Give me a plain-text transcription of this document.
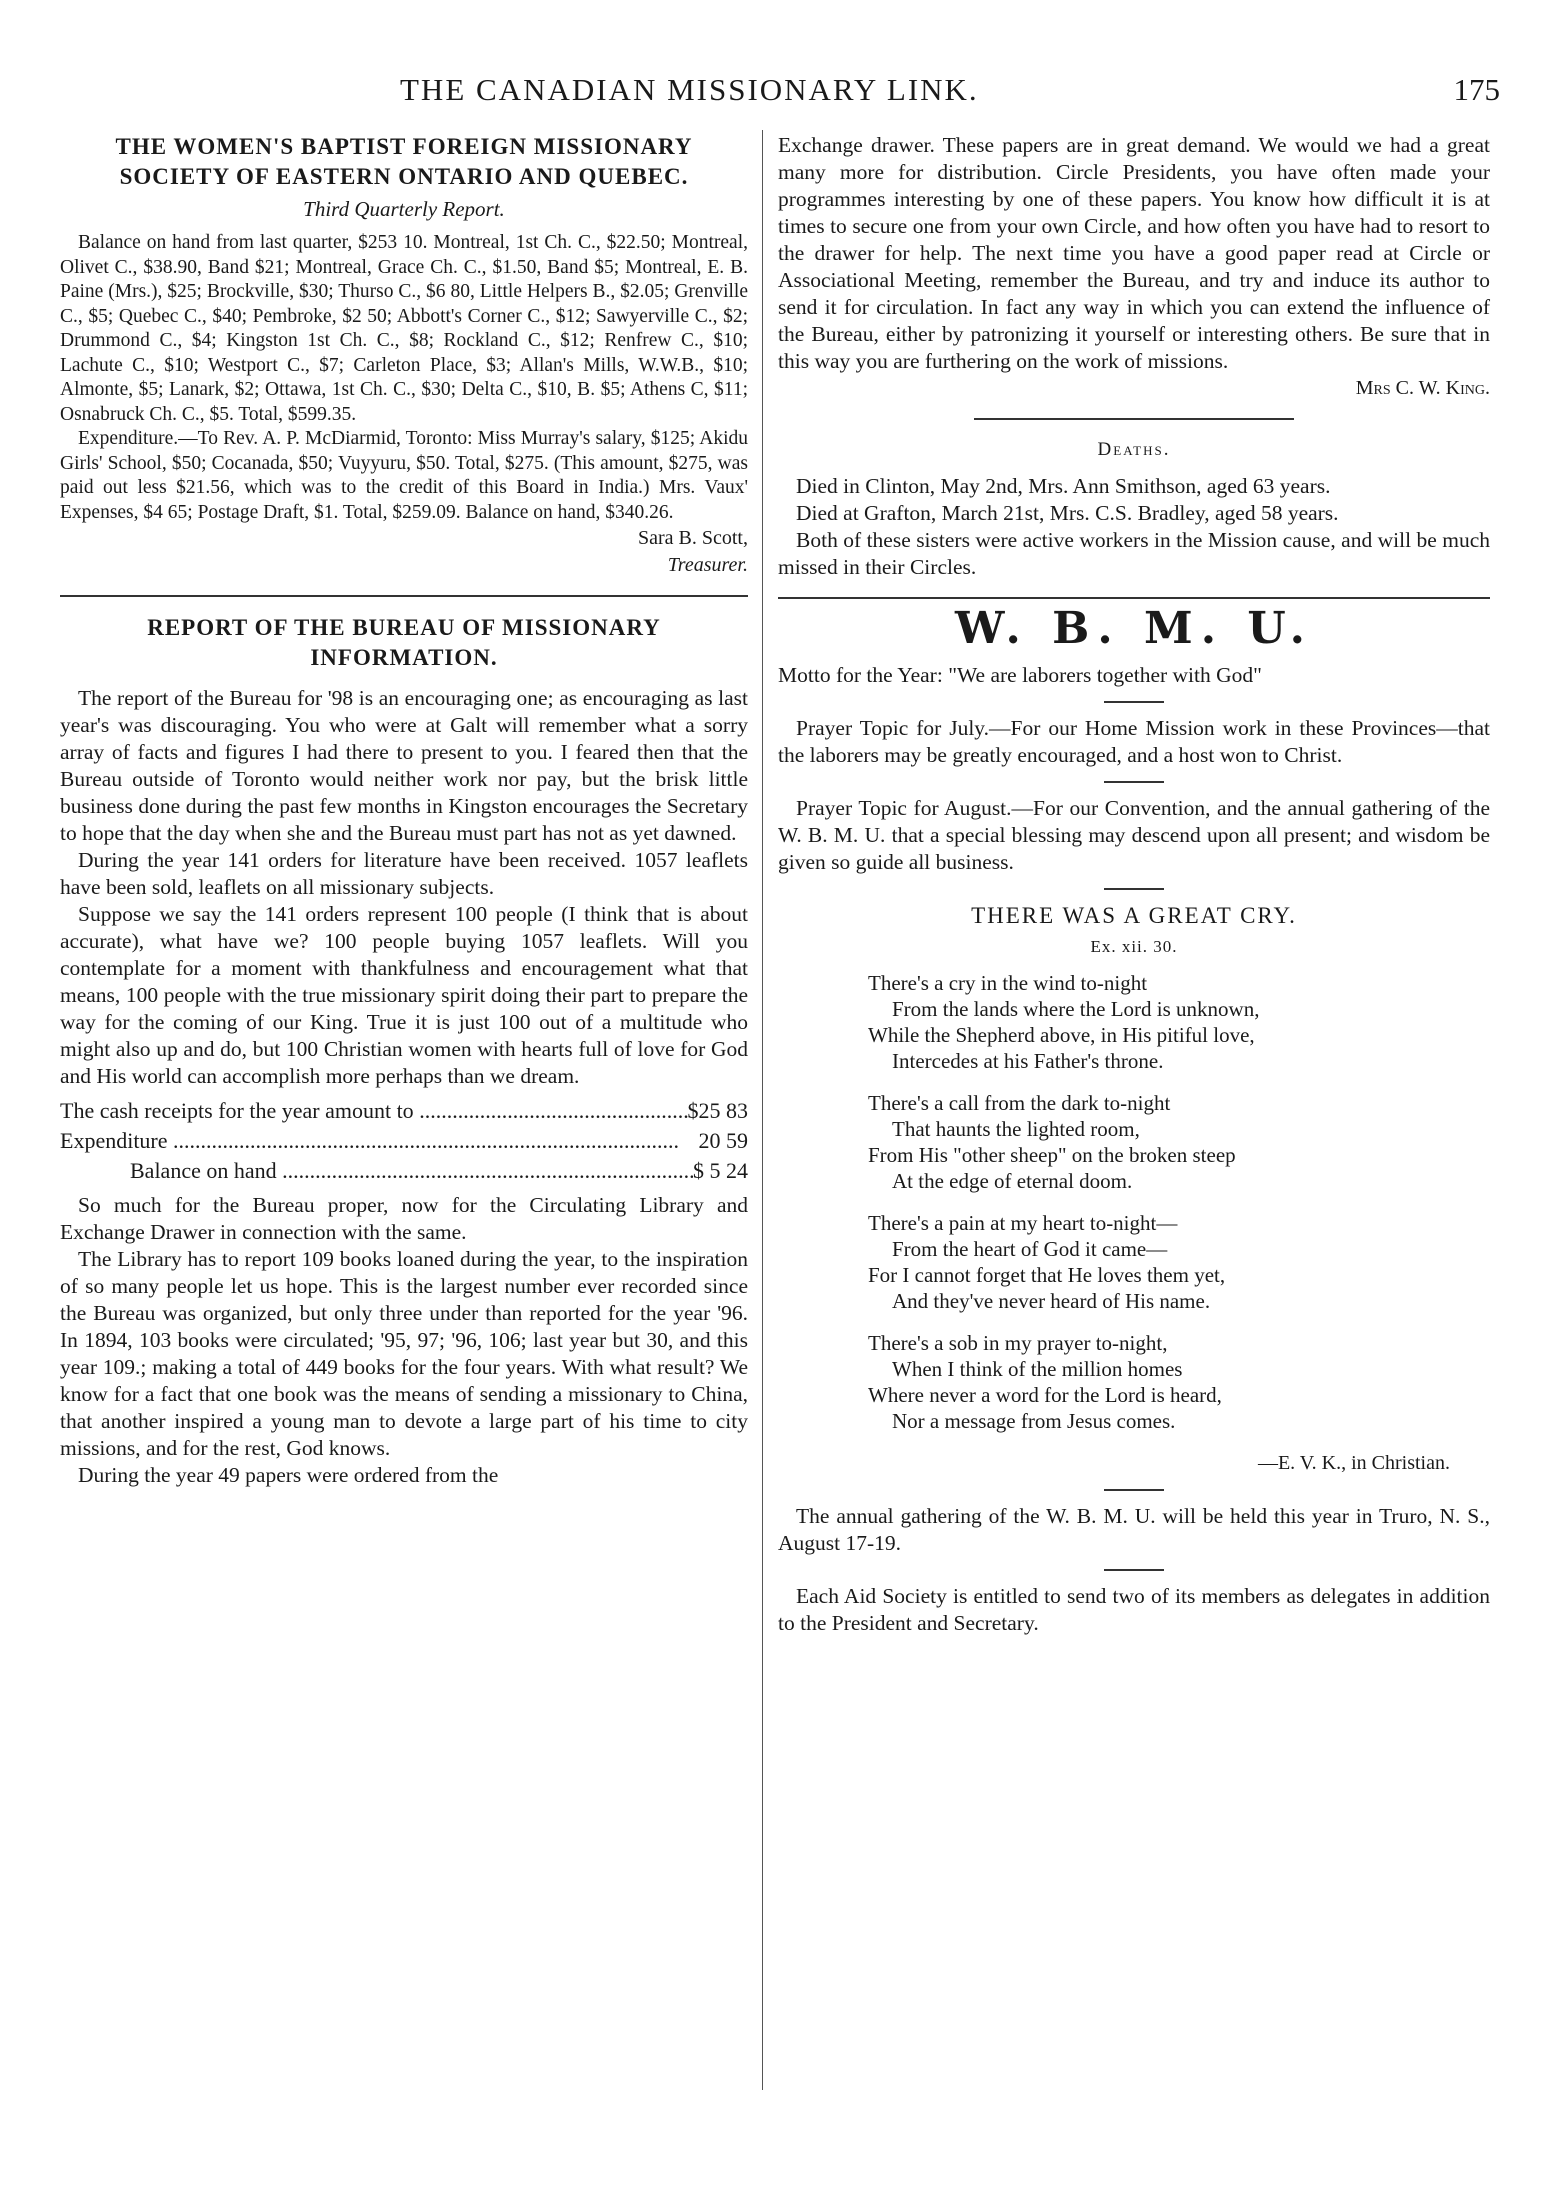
THE CANADIAN MISSIONARY LINK.	175

THE WOMEN'S BAPTIST FOREIGN MISSIONARY SOCIETY OF EASTERN ONTARIO AND QUEBEC.

Third Quarterly Report.

Balance on hand from last quarter, $253 10. Montreal, 1st Ch. C., $22.50; Montreal, Olivet C., $38.90, Band $21; Montreal, Grace Ch. C., $1.50, Band $5; Montreal, E. B. Paine (Mrs.), $25; Brockville, $30; Thurso C., $6 80, Little Helpers B., $2.05; Grenville C., $5; Quebec C., $40; Pembroke, $2 50; Abbott's Corner C., $12; Sawyerville C., $2; Drummond C., $4; Kingston 1st Ch. C., $8; Rockland C., $12; Renfrew C., $10; Lachute C., $10; Westport C., $7; Carleton Place, $3; Allan's Mills, W.W.B., $10; Almonte, $5; Lanark, $2; Ottawa, 1st Ch. C., $30; Delta C., $10, B. $5; Athens C, $11; Osnabruck Ch. C., $5. Total, $599.35.

Expenditure.—To Rev. A. P. McDiarmid, Toronto: Miss Murray's salary, $125; Akidu Girls' School, $50; Cocanada, $50; Vuyyuru, $50. Total, $275. (This amount, $275, was paid out less $21.56, which was to the credit of this Board in India.) Mrs. Vaux' Expenses, $4 65; Postage Draft, $1. Total, $259.09. Balance on hand, $340.26.

Sara B. Scott,

Treasurer.

REPORT OF THE BUREAU OF MISSIONARY INFORMATION.

The report of the Bureau for '98 is an encouraging one; as encouraging as last year's was discouraging. You who were at Galt will remember what a sorry array of facts and figures I had there to present to you. I feared then that the Bureau outside of Toronto would neither work nor pay, but the brisk little business done during the past few months in Kingston encourages the Secretary to hope that the day when she and the Bureau must part has not as yet dawned.

During the year 141 orders for literature have been received. 1057 leaflets have been sold, leaflets on all missionary subjects.

Suppose we say the 141 orders represent 100 people (I think that is about accurate), what have we? 100 people buying 1057 leaflets. Will you contemplate for a moment with thankfulness and encouragement what that means, 100 people with the true missionary spirit doing their part to prepare the way for the coming of our King. True it is just 100 out of a multitude who might also up and do, but 100 Christian women with hearts full of love for God and His world can accomplish more perhaps than we dream.

The cash receipts for the year amount to .....	$25 83
Expenditure .....	20 59
Balance on hand .....	$ 5 24

So much for the Bureau proper, now for the Circulating Library and Exchange Drawer in connection with the same.

The Library has to report 109 books loaned during the year, to the inspiration of so many people let us hope. This is the largest number ever recorded since the Bureau was organized, but only three under than reported for the year '96. In 1894, 103 books were circulated; '95, 97; '96, 106; last year but 30, and this year 109.; making a total of 449 books for the four years. With what result? We know for a fact that one book was the means of sending a missionary to China, that another inspired a young man to devote a large part of his time to city missions, and for the rest, God knows.

During the year 49 papers were ordered from the

Exchange drawer. These papers are in great demand. We would we had a great many more for distribution. Circle Presidents, you have often made your programmes interesting by one of these papers. You know how difficult it is at times to secure one from your own Circle, and how often you have had to resort to the drawer for help. The next time you have a good paper read at Circle or Associational Meeting, remember the Bureau, and try and induce its author to send it for circulation. In fact any way in which you can extend the influence of the Bureau, either by patronizing it yourself or interesting others. Be sure that in this way you are furthering on the work of missions.

Mrs C. W. King.

Deaths.

Died in Clinton, May 2nd, Mrs. Ann Smithson, aged 63 years.

Died at Grafton, March 21st, Mrs. C.S. Bradley, aged 58 years.

Both of these sisters were active workers in the Mission cause, and will be much missed in their Circles.

W. B. M. U.

Motto for the Year: "We are laborers together with God"

Prayer Topic for July.—For our Home Mission work in these Provinces—that the laborers may be greatly encouraged, and a host won to Christ.

Prayer Topic for August.—For our Convention, and the annual gathering of the W. B. M. U. that a special blessing may descend upon all present; and wisdom be given so guide all business.

THERE WAS A GREAT CRY.

Ex. xii. 30.

There's a cry in the wind to-night
From the lands where the Lord is unknown,
While the Shepherd above, in His pitiful love,
Intercedes at his Father's throne.
There's a call from the dark to-night
That haunts the lighted room,
From His "other sheep" on the broken steep
At the edge of eternal doom.
There's a pain at my heart to-night—
From the heart of God it came—
For I cannot forget that He loves them yet,
And they've never heard of His name.
There's a sob in my prayer to-night,
When I think of the million homes
Where never a word for the Lord is heard,
Nor a message from Jesus comes.

—E. V. K., in Christian.

The annual gathering of the W. B. M. U. will be held this year in Truro, N. S., August 17-19.

Each Aid Society is entitled to send two of its members as delegates in addition to the President and Secretary.
